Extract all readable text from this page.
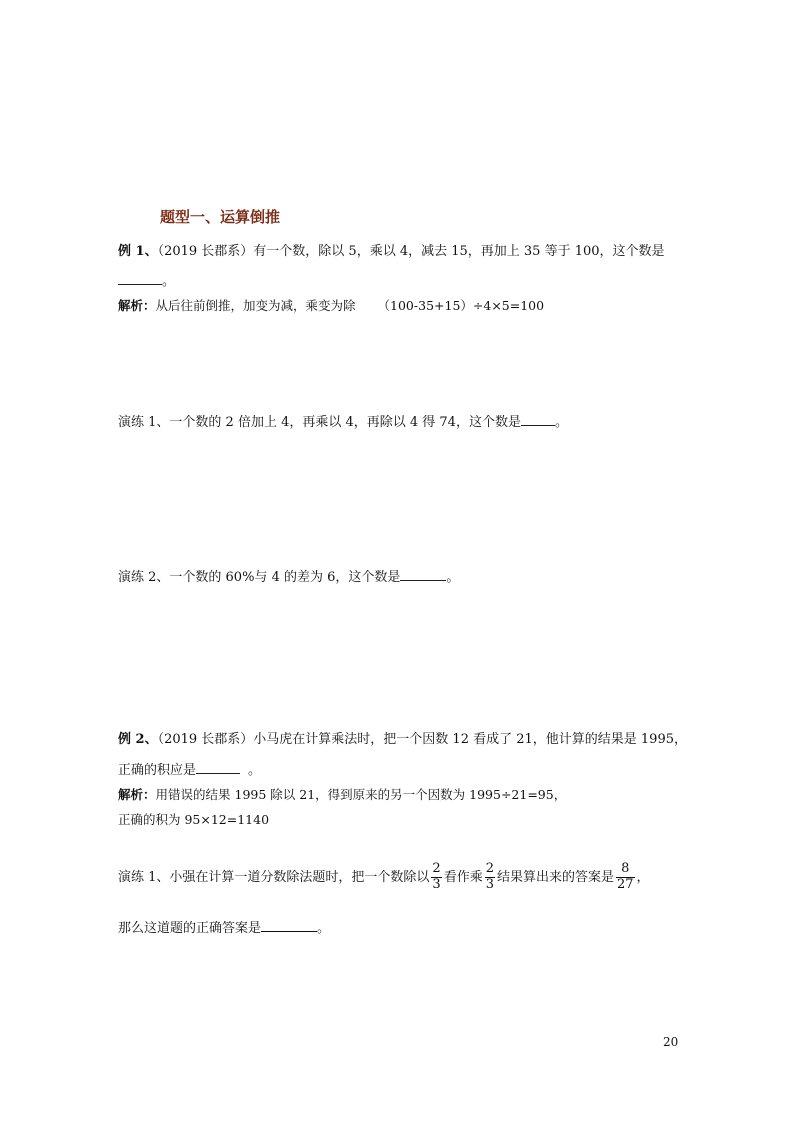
题型一、运算倒推
例 1、（2019 长郡系）有一个数，除以 5，乘以 4，减去 15，再加上 35 等于 100，这个数是
。
解析：从后往前倒推，加变为减，乘变为除 （100-35+15）÷4×5=100
演练 1、一个数的 2 倍加上 4，再乘以 4，再除以 4 得 74，这个数是	。
演练 2、一个数的 60%与 4 的差为 6，这个数是	。
例 2、（2019 长郡系）小马虎在计算乘法时，把一个因数 12 看成了 21，他计算的结果是 1995，
正确的积应是	。
解析：用错误的结果 1995 除以 21，得到原来的另一个因数为 1995÷21=95，
正确的积为 95×12=1140
演练 1、小强在计算一道分数除法题时，把一个数除以 $\frac{2}{3}$ 看作乘 $\frac{2}{3}$ 结果算出来的答案是 $\frac{8}{27}$ ，
那么这道题的正确答案是	。
20
